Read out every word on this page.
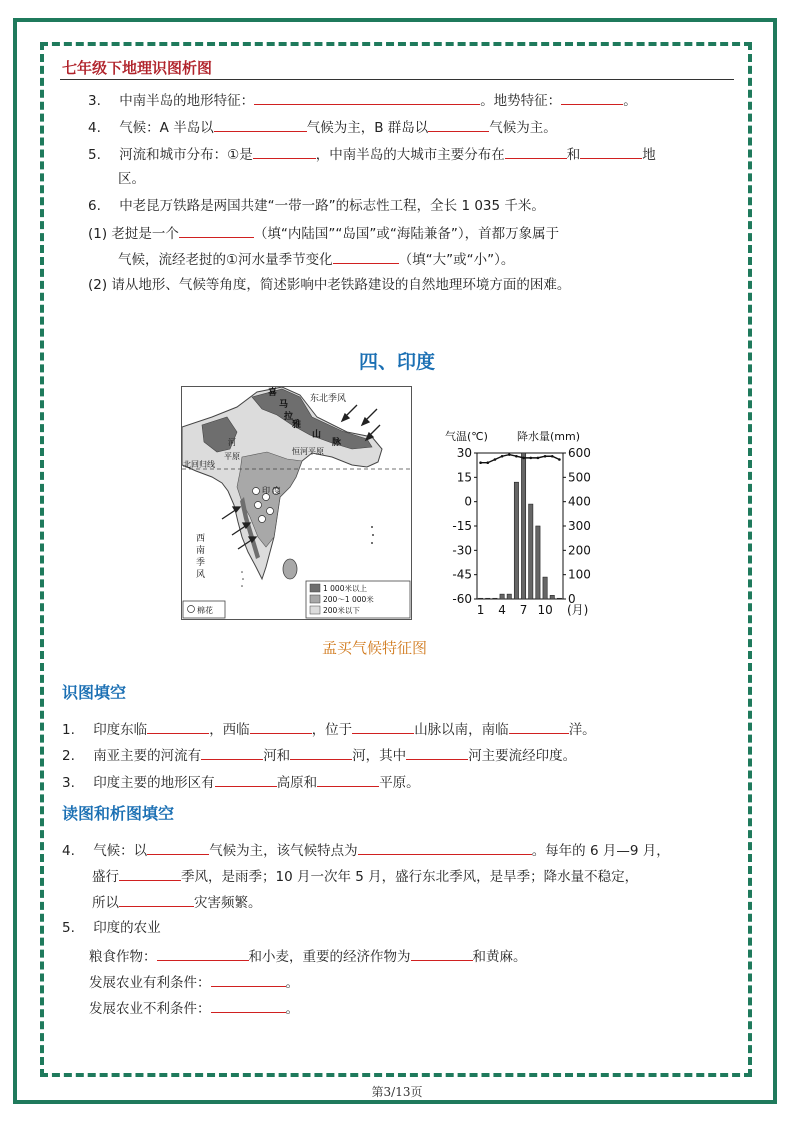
七年级下地理识图析图
3. 中南半岛的地形特征：	。地势特征：	。
4. 气候：A 半岛以	气候为主，B 群岛以	气候为主。
5. 河流和城市分布：①是	，中南半岛的大城市主要分布在	和	地
区。
6. 中老昆万铁路是两国共建“一带一路”的标志性工程，全长 1 035 千米。
(1) 老挝是一个	（填“内陆国”“岛国”或“海陆兼备”），首都万象属于
气候，流经老挝的①河水量季节变化	（填“大”或“小”）。
(2) 请从地形、气候等角度，简述影响中老铁路建设的自然地理环境方面的困难。
四、印度
东北季风
喜
马
拉
雅
山
脉
恒河平原
河
平原
北回归线
印 度
西
南
季
风
1 000米以上
200～1 000米
200米以下
棉花
气温(℃)	降水量(mm)
30
15
0
-15
-30
-45
-60
600
500
400
300
200
100
0
1 4 7 10 (月)
孟买气候特征图
识图填空
1. 印度东临	，西临	，位于	山脉以南，南临	洋。
2. 南亚主要的河流有	河和	河，其中	河主要流经印度。
3. 印度主要的地形区有	高原和	平原。
读图和析图填空
4. 气候：以	气候为主，该气候特点为	。每年的 6 月—9 月，
盛行	季风，是雨季；10 月一次年 5 月，盛行东北季风，是旱季；降水量不稳定，
所以	灾害频繁。
5. 印度的农业
粮食作物：	和小麦，重要的经济作物为	和黄麻。
发展农业有利条件：	。
发展农业不利条件：	。
第3/13页
